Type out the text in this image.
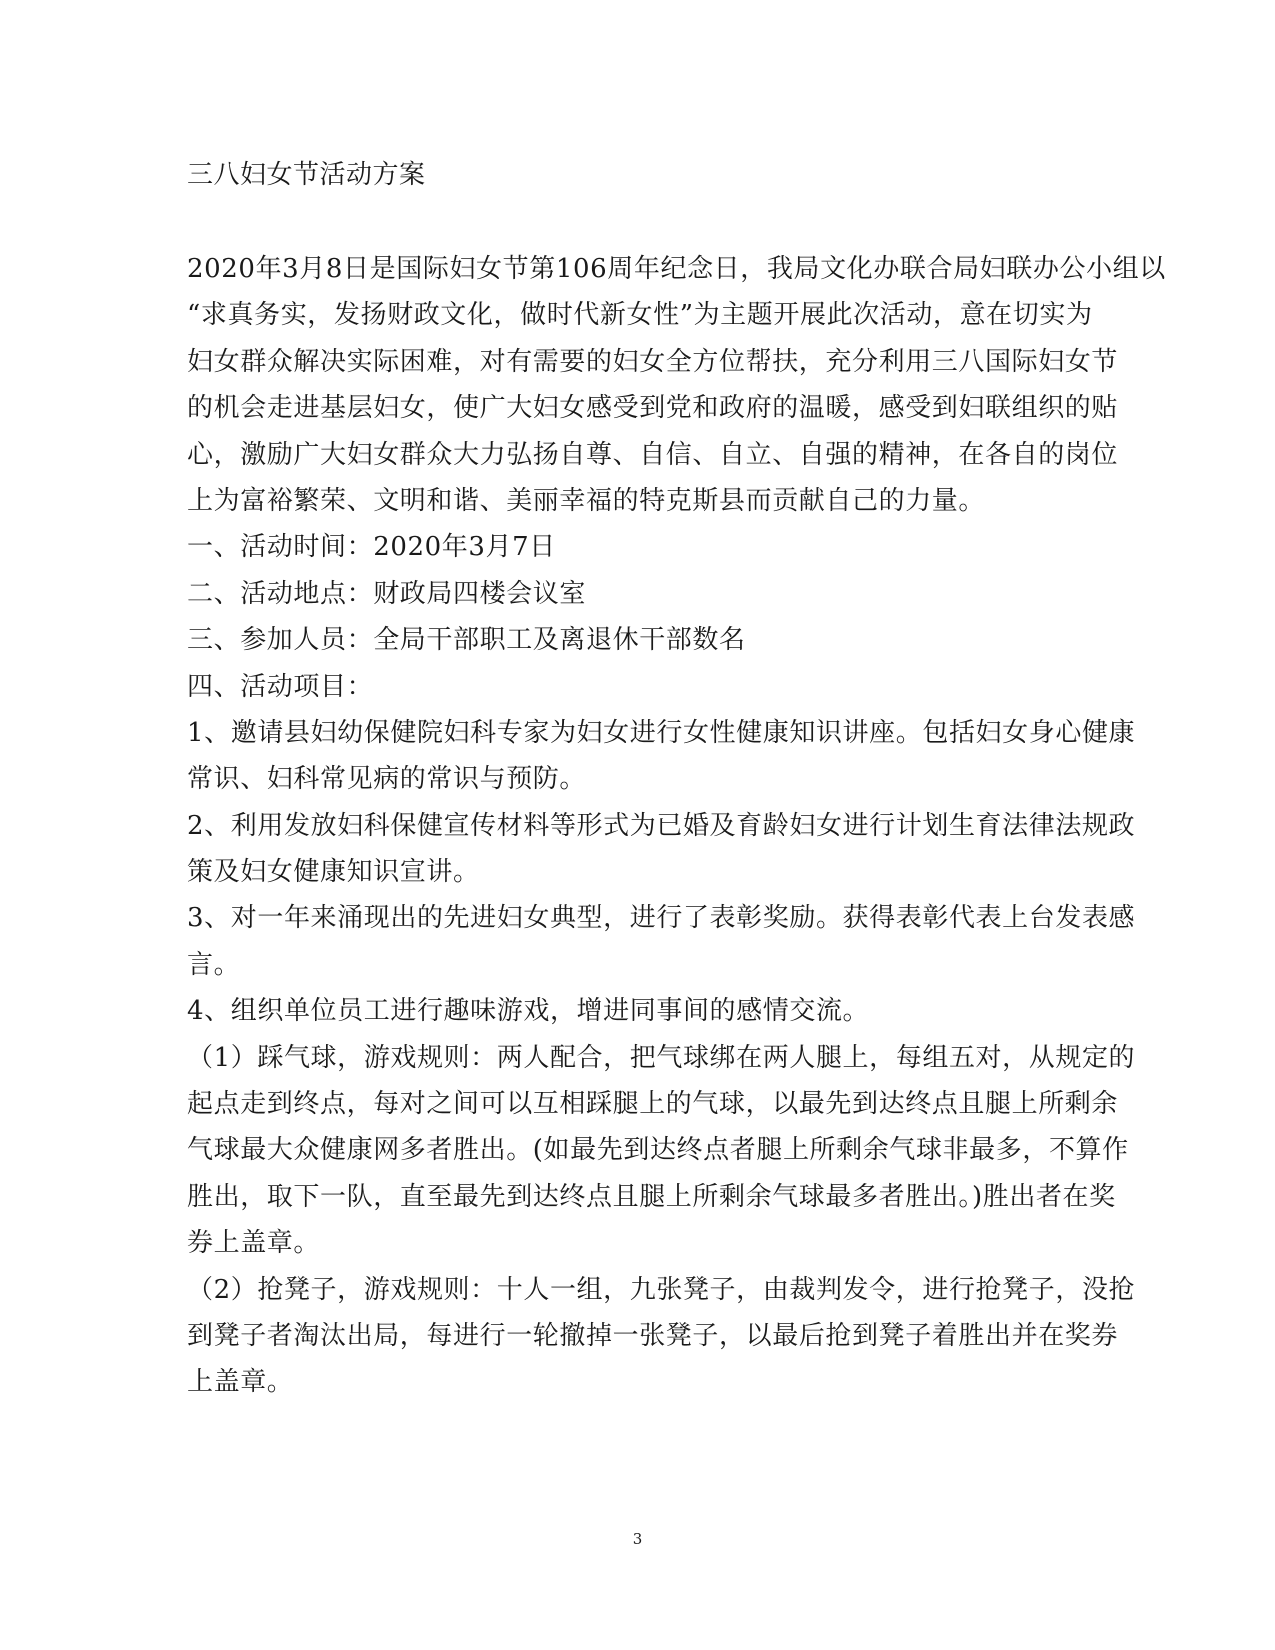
三八妇女节活动方案
2020年3月8日是国际妇女节第106周年纪念日，我局文化办联合局妇联办公小组以
“求真务实，发扬财政文化，做时代新女性”为主题开展此次活动，意在切实为
妇女群众解决实际困难，对有需要的妇女全方位帮扶，充分利用三八国际妇女节
的机会走进基层妇女，使广大妇女感受到党和政府的温暖，感受到妇联组织的贴
心，激励广大妇女群众大力弘扬自尊、自信、自立、自强的精神，在各自的岗位
上为富裕繁荣、文明和谐、美丽幸福的特克斯县而贡献自己的力量。
一、活动时间：2020年3月7日
二、活动地点：财政局四楼会议室
三、参加人员：全局干部职工及离退休干部数名
四、活动项目：
1、邀请县妇幼保健院妇科专家为妇女进行女性健康知识讲座。包括妇女身心健康
常识、妇科常见病的常识与预防。
2、利用发放妇科保健宣传材料等形式为已婚及育龄妇女进行计划生育法律法规政
策及妇女健康知识宣讲。
3、对一年来涌现出的先进妇女典型，进行了表彰奖励。获得表彰代表上台发表感
言。
4、组织单位员工进行趣味游戏，增进同事间的感情交流。
（1）踩气球，游戏规则：两人配合，把气球绑在两人腿上，每组五对，从规定的
起点走到终点，每对之间可以互相踩腿上的气球，以最先到达终点且腿上所剩余
气球最大众健康网多者胜出。(如最先到达终点者腿上所剩余气球非最多，不算作
胜出，取下一队，直至最先到达终点且腿上所剩余气球最多者胜出。)胜出者在奖
券上盖章。
（2）抢凳子，游戏规则：十人一组，九张凳子，由裁判发令，进行抢凳子，没抢
到凳子者淘汰出局，每进行一轮撤掉一张凳子，以最后抢到凳子着胜出并在奖券
上盖章。
3
